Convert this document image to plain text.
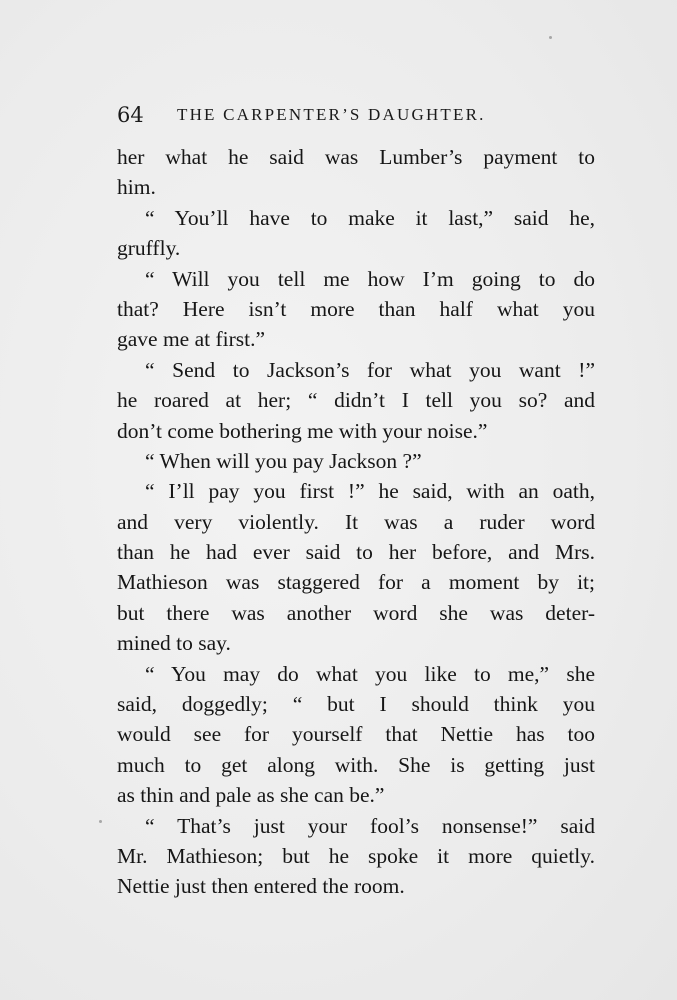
64 THE CARPENTER’S DAUGHTER.
her what he said was Lumber’s payment to
him.
“ You’ll have to make it last,” said he,
gruffly.
“ Will you tell me how I’m going to do
that? Here isn’t more than half what you
gave me at first.”
“ Send to Jackson’s for what you want !”
he roared at her; “ didn’t I tell you so? and
don’t come bothering me with your noise.”
“ When will you pay Jackson ?”
“ I’ll pay you first !” he said, with an oath,
and very violently. It was a ruder word
than he had ever said to her before, and Mrs.
Mathieson was staggered for a moment by it;
but there was another word she was deter-
mined to say.
“ You may do what you like to me,” she
said, doggedly; “ but I should think you
would see for yourself that Nettie has too
much to get along with. She is getting just
as thin and pale as she can be.”
“ That’s just your fool’s nonsense!” said
Mr. Mathieson; but he spoke it more quietly.
Nettie just then entered the room.
